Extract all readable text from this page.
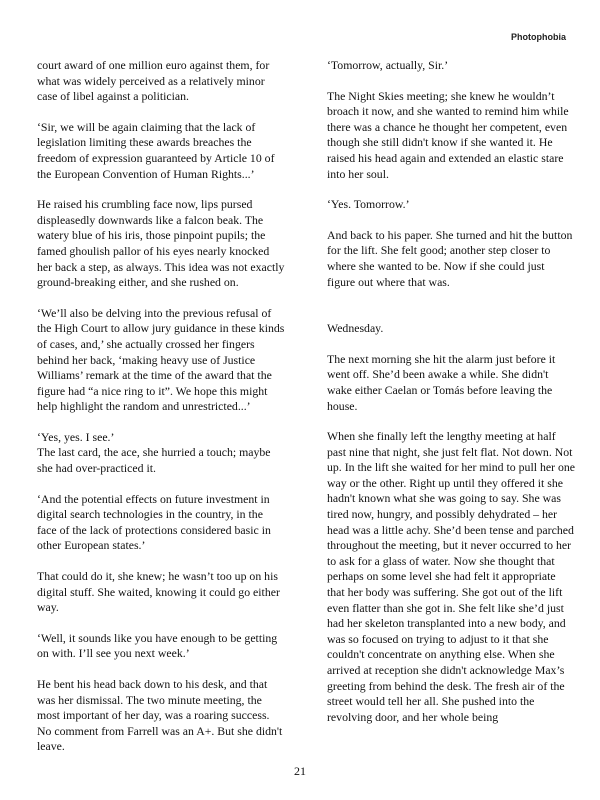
Photophobia

court award of one million euro against them, for what was widely perceived as a relatively minor case of libel against a politician.

‘Sir, we will be again claiming that the lack of legislation limiting these awards breaches the freedom of expression guaranteed by Article 10 of the European Convention of Human Rights...’

He raised his crumbling face now, lips pursed displeasedly downwards like a falcon beak. The watery blue of his iris, those pinpoint pupils; the famed ghoulish pallor of his eyes nearly knocked her back a step, as always. This idea was not exactly ground-breaking either, and she rushed on.

‘We’ll also be delving into the previous refusal of the High Court to allow jury guidance in these kinds of cases, and,’ she actually crossed her fingers behind her back, ‘making heavy use of Justice Williams’ remark at the time of the award that the figure had “a nice ring to it”. We hope this might help highlight the random and unrestricted...’

‘Yes, yes. I see.’

The last card, the ace, she hurried a touch; maybe she had over-practiced it.

‘And the potential effects on future investment in digital search technologies in the country, in the face of the lack of protections considered basic in other European states.’

That could do it, she knew; he wasn’t too up on his digital stuff. She waited, knowing it could go either way.

‘Well, it sounds like you have enough to be getting on with. I’ll see you next week.’

He bent his head back down to his desk, and that was her dismissal. The two minute meeting, the most important of her day, was a roaring success. No comment from Farrell was an A+. But she didn't leave.

‘Tomorrow, actually, Sir.’

The Night Skies meeting; she knew he wouldn’t broach it now, and she wanted to remind him while there was a chance he thought her competent, even though she still didn't know if she wanted it. He raised his head again and extended an elastic stare into her soul.

‘Yes. Tomorrow.’

And back to his paper. She turned and hit the button for the lift. She felt good; another step closer to where she wanted to be. Now if she could just figure out where that was.

Wednesday.

The next morning she hit the alarm just before it went off. She’d been awake a while. She didn't wake either Caelan or Tomás before leaving the house.

When she finally left the lengthy meeting at half past nine that night, she just felt flat. Not down. Not up. In the lift she waited for her mind to pull her one way or the other. Right up until they offered it she hadn't known what she was going to say. She was tired now, hungry, and possibly dehydrated – her head was a little achy. She’d been tense and parched throughout the meeting, but it never occurred to her to ask for a glass of water. Now she thought that perhaps on some level she had felt it appropriate that her body was suffering. She got out of the lift even flatter than she got in. She felt like she’d just had her skeleton transplanted into a new body, and was so focused on trying to adjust to it that she couldn't concentrate on anything else. When she arrived at reception she didn't acknowledge Max’s greeting from behind the desk. The fresh air of the street would tell her all. She pushed into the revolving door, and her whole being

21
